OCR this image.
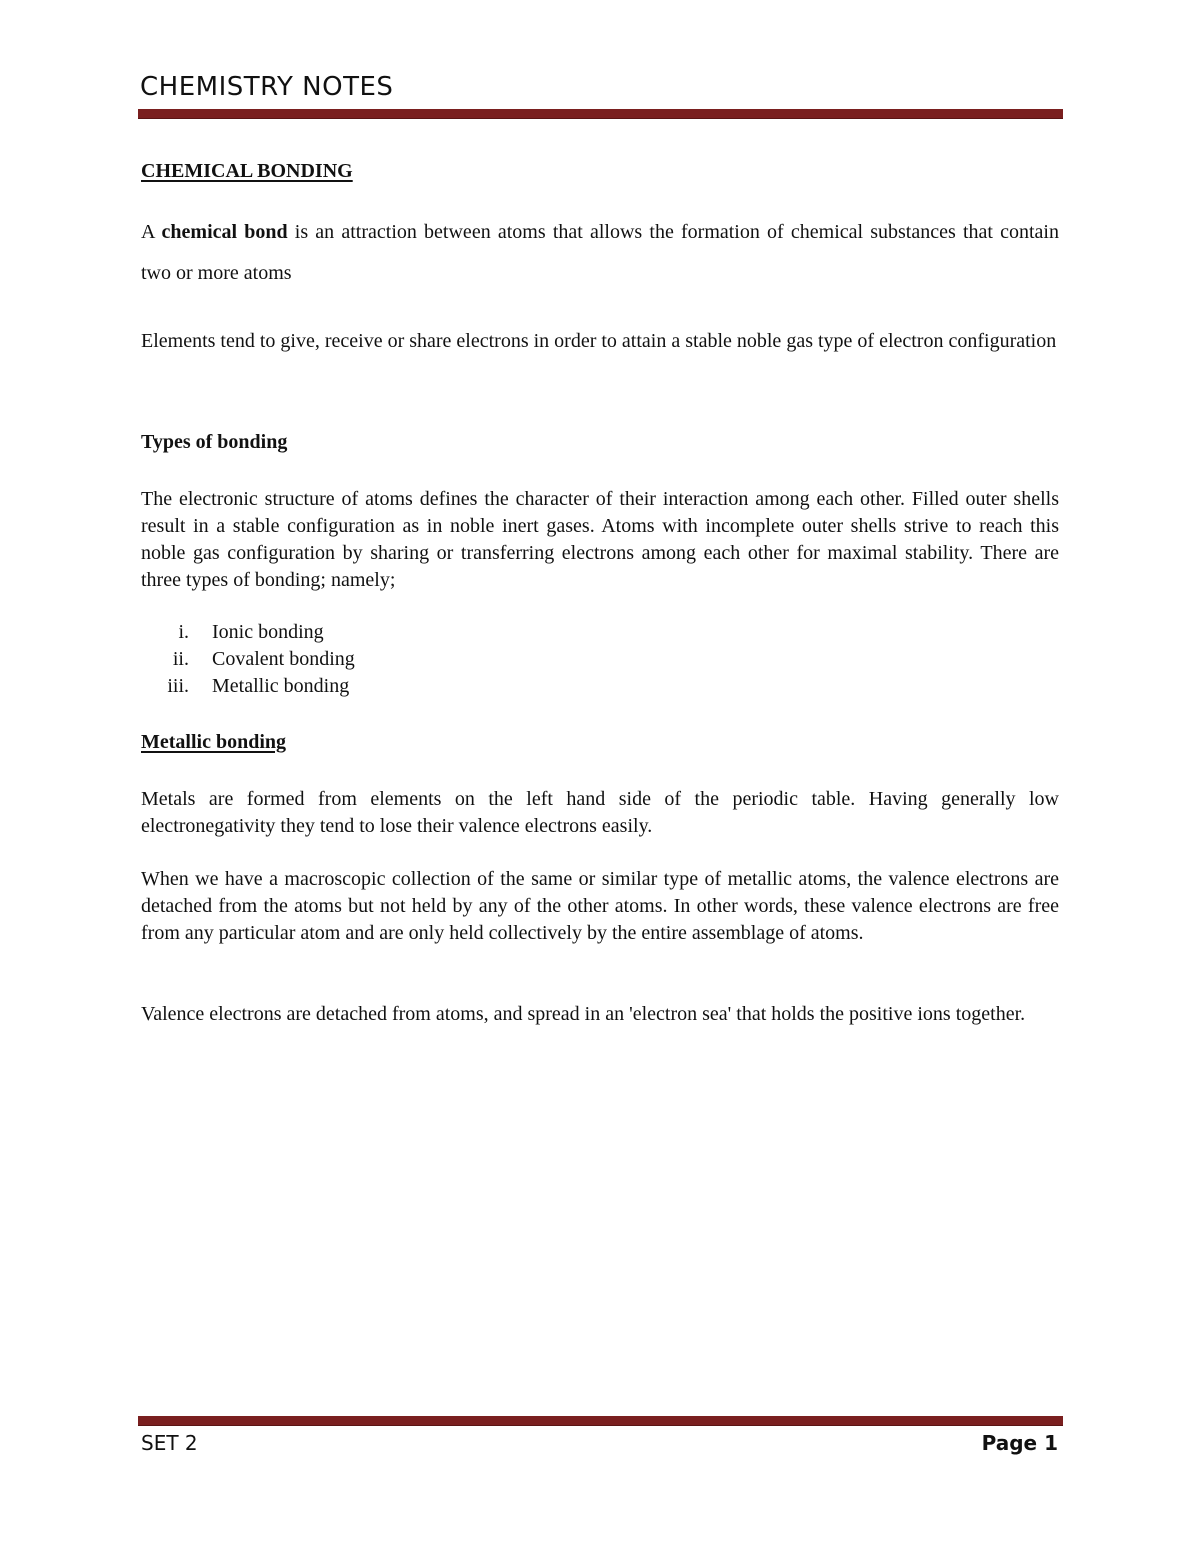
CHEMISTRY NOTES
CHEMICAL BONDING
A chemical bond is an attraction between atoms that allows the formation of chemical substances that contain two or more atoms
Elements tend to give, receive or share electrons in order to attain a stable noble gas type of electron configuration
Types of bonding
The electronic structure of atoms defines the character of their interaction among each other. Filled outer shells result in a stable configuration as in noble inert gases. Atoms with incomplete outer shells strive to reach this noble gas configuration by sharing or transferring electrons among each other for maximal stability. There are three types of bonding; namely;
i. Ionic bonding
ii. Covalent bonding
iii. Metallic bonding
Metallic bonding
Metals are formed from elements on the left hand side of the periodic table. Having generally low electronegativity they tend to lose their valence electrons easily.
When we have a macroscopic collection of the same or similar type of metallic atoms, the valence electrons are detached from the atoms but not held by any of the other atoms. In other words, these valence electrons are free from any particular atom and are only held collectively by the entire assemblage of atoms.
Valence electrons are detached from atoms, and spread in an 'electron sea' that holds the positive ions together.
SET 2	Page 1
